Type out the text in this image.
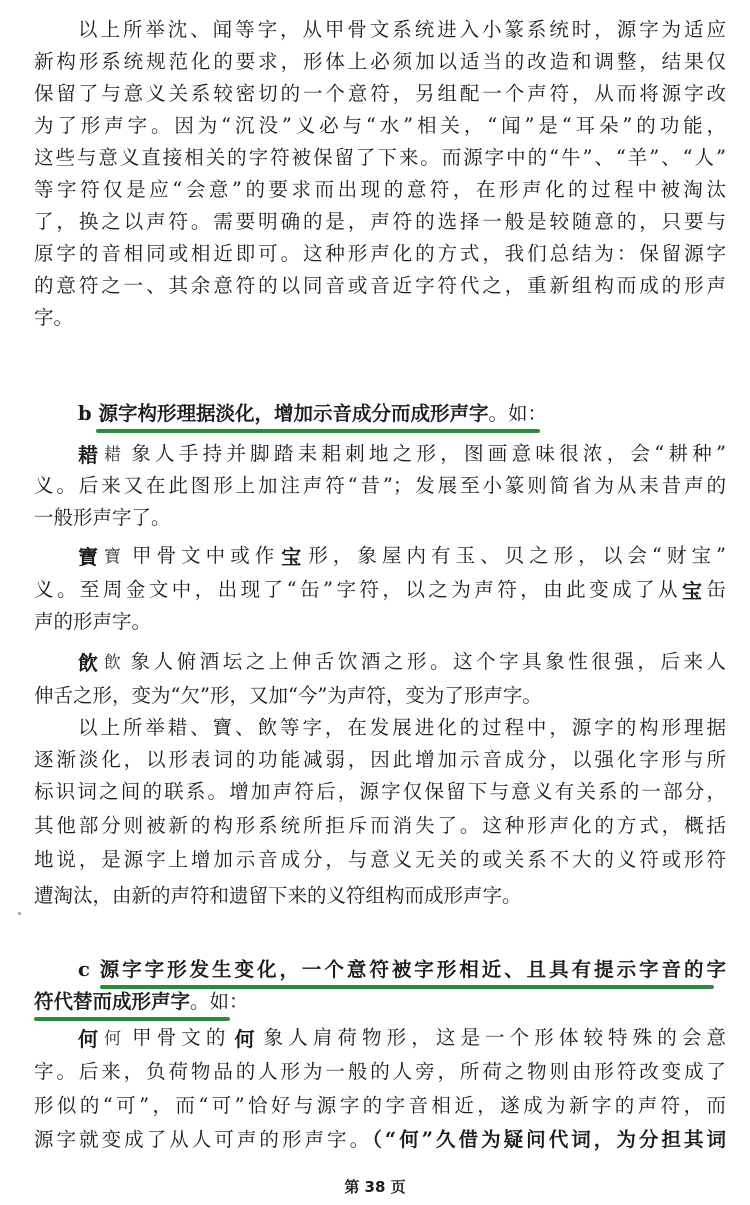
以上所举沈、闻等字，从甲骨文系统进入小篆系统时，源字为适应
新构形系统规范化的要求，形体上必须加以适当的改造和调整，结果仅
保留了与意义关系较密切的一个意符，另组配一个声符，从而将源字改
为了形声字。因为“沉没”义必与“水”相关，“闻”是“耳朵”的功能，
这些与意义直接相关的字符被保留了下来。而源字中的“牛”、“羊”、“人”
等字符仅是应“会意”的要求而出现的意符，在形声化的过程中被淘汰
了，换之以声符。需要明确的是，声符的选择一般是较随意的，只要与
原字的音相同或相近即可。这种形声化的方式，我们总结为：保留源字
的意符之一、其余意符的以同音或音近字符代之，重新组构而成的形声
字。
b 源字构形理据淡化，增加示音成分而成形声字。如：
耤 耤 象人手持并脚踏耒耜刺地之形，图画意味很浓，会“耕种”
义。后来又在此图形上加注声符“昔”；发展至小篆则简省为从耒昔声的
一般形声字了。
寶 寶 甲骨文中或作 宝 形，象屋内有玉、贝之形，以会“财宝”
义。至周金文中，出现了“缶”字符，以之为声符，由此变成了从宝缶
声的形声字。
飲 飲 象人俯酒坛之上伸舌饮酒之形。这个字具象性很强，后来人
伸舌之形，变为“欠”形，又加“今”为声符，变为了形声字。
以上所举耤、寶、飲等字，在发展进化的过程中，源字的构形理据
逐渐淡化，以形表词的功能减弱，因此增加示音成分，以强化字形与所
标识词之间的联系。增加声符后，源字仅保留下与意义有关系的一部分，
其他部分则被新的构形系统所拒斥而消失了。这种形声化的方式，概括
地说，是源字上增加示音成分，与意义无关的或关系不大的义符或形符
遭淘汰，由新的声符和遗留下来的义符组构而成形声字。
c 源字字形发生变化，一个意符被字形相近、且具有提示字音的字
符代替而成形声字。如：
何 何 甲骨文的 何 象人肩荷物形，这是一个形体较特殊的会意
字。后来，负荷物品的人形为一般的人旁，所荷之物则由形符改变成了
形似的“可”，而“可”恰好与源字的字音相近，遂成为新字的声符，而
源字就变成了从人可声的形声字。（“何”久借为疑问代词，为分担其词
第 38 页
